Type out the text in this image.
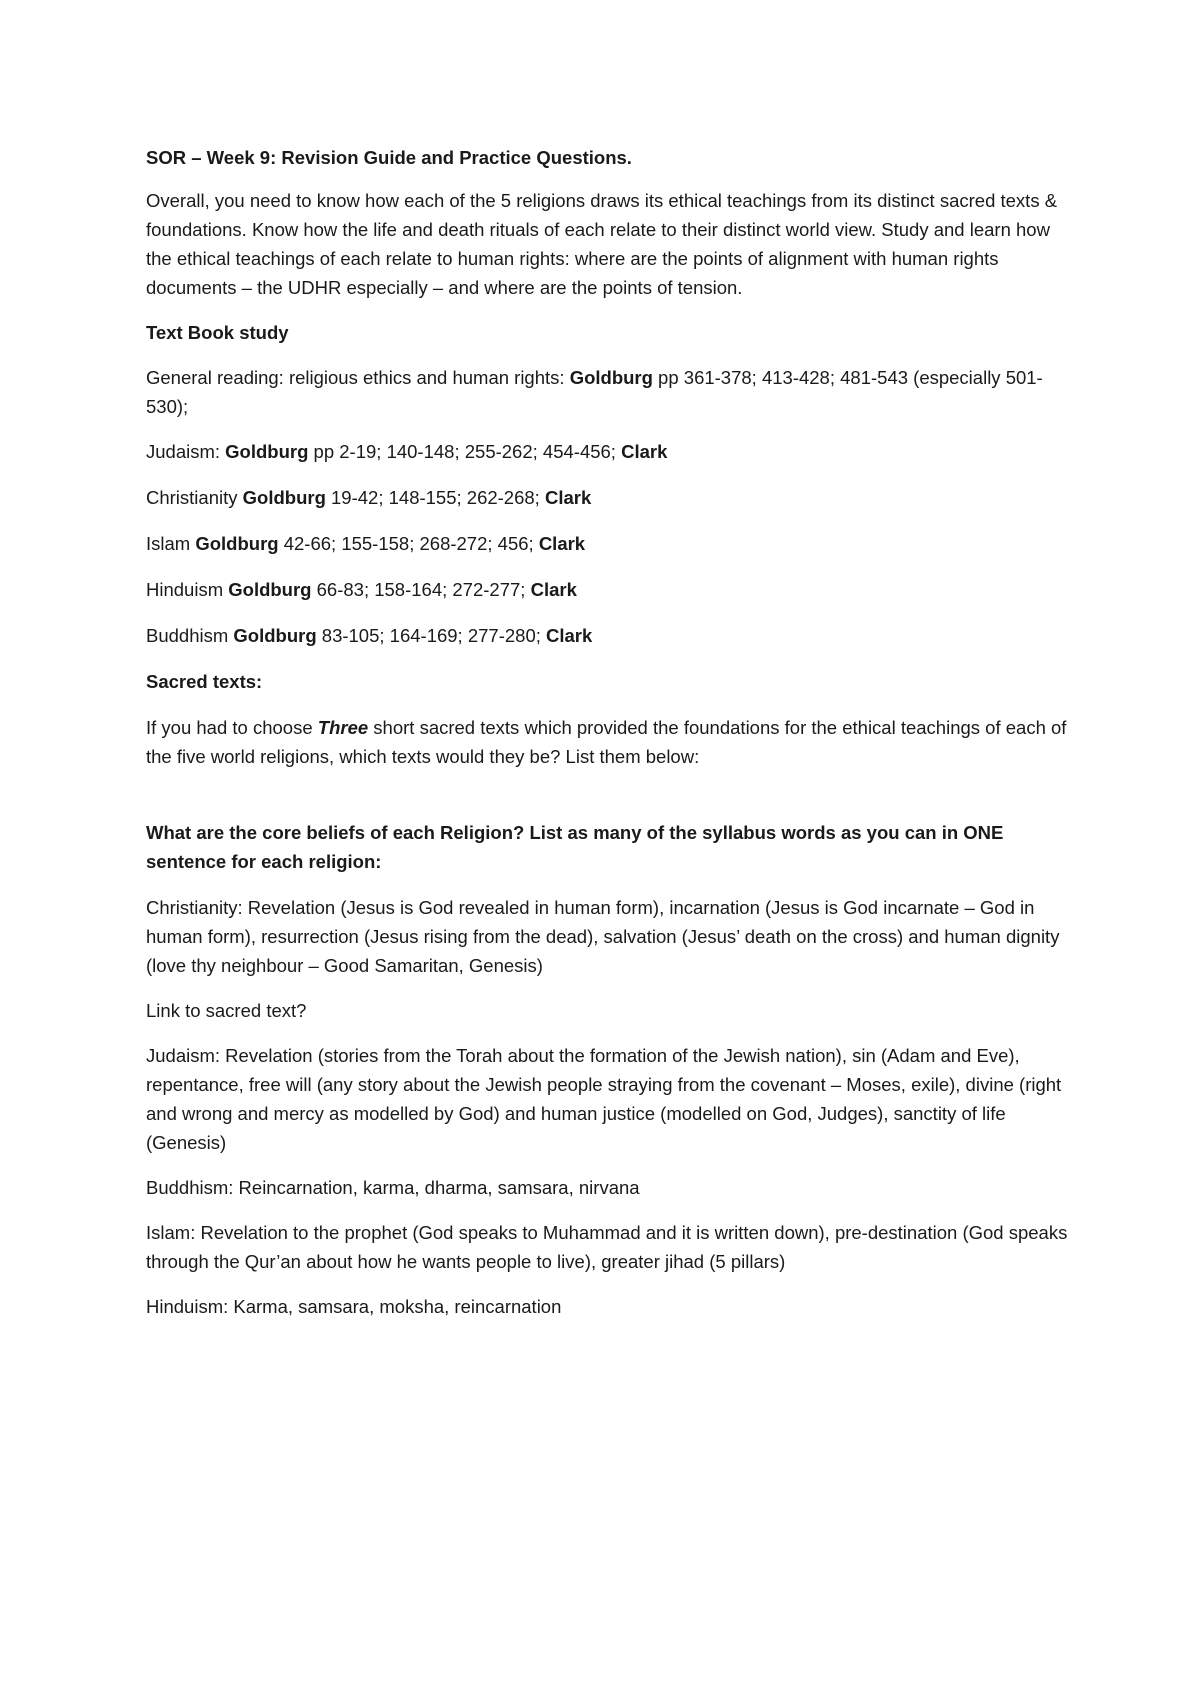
SOR – Week 9: Revision Guide and Practice Questions.

Overall, you need to know how each of the 5 religions draws its ethical teachings from its distinct sacred texts & foundations. Know how the life and death rituals of each relate to their distinct world view. Study and learn how the ethical teachings of each relate to human rights: where are the points of alignment with human rights documents – the UDHR especially – and where are the points of tension.

Text Book study

General reading: religious ethics and human rights: Goldburg pp 361-378; 413-428; 481-543 (especially 501-530);

Judaism: Goldburg pp 2-19; 140-148; 255-262; 454-456; Clark

Christianity Goldburg 19-42; 148-155; 262-268; Clark

Islam Goldburg 42-66; 155-158; 268-272; 456; Clark

Hinduism Goldburg 66-83; 158-164; 272-277; Clark

Buddhism Goldburg 83-105; 164-169; 277-280; Clark

Sacred texts:

If you had to choose Three short sacred texts which provided the foundations for the ethical teachings of each of the five world religions, which texts would they be? List them below:

What are the core beliefs of each Religion? List as many of the syllabus words as you can in ONE sentence for each religion:

Christianity: Revelation (Jesus is God revealed in human form), incarnation (Jesus is God incarnate – God in human form), resurrection (Jesus rising from the dead), salvation (Jesus’ death on the cross) and human dignity (love thy neighbour – Good Samaritan, Genesis)

Link to sacred text?

Judaism: Revelation (stories from the Torah about the formation of the Jewish nation), sin (Adam and Eve), repentance, free will (any story about the Jewish people straying from the covenant – Moses, exile), divine (right and wrong and mercy as modelled by God) and human justice (modelled on God, Judges), sanctity of life (Genesis)

Buddhism: Reincarnation, karma, dharma, samsara, nirvana

Islam: Revelation to the prophet (God speaks to Muhammad and it is written down), pre-destination (God speaks through the Qur’an about how he wants people to live), greater jihad (5 pillars)

Hinduism: Karma, samsara, moksha, reincarnation
